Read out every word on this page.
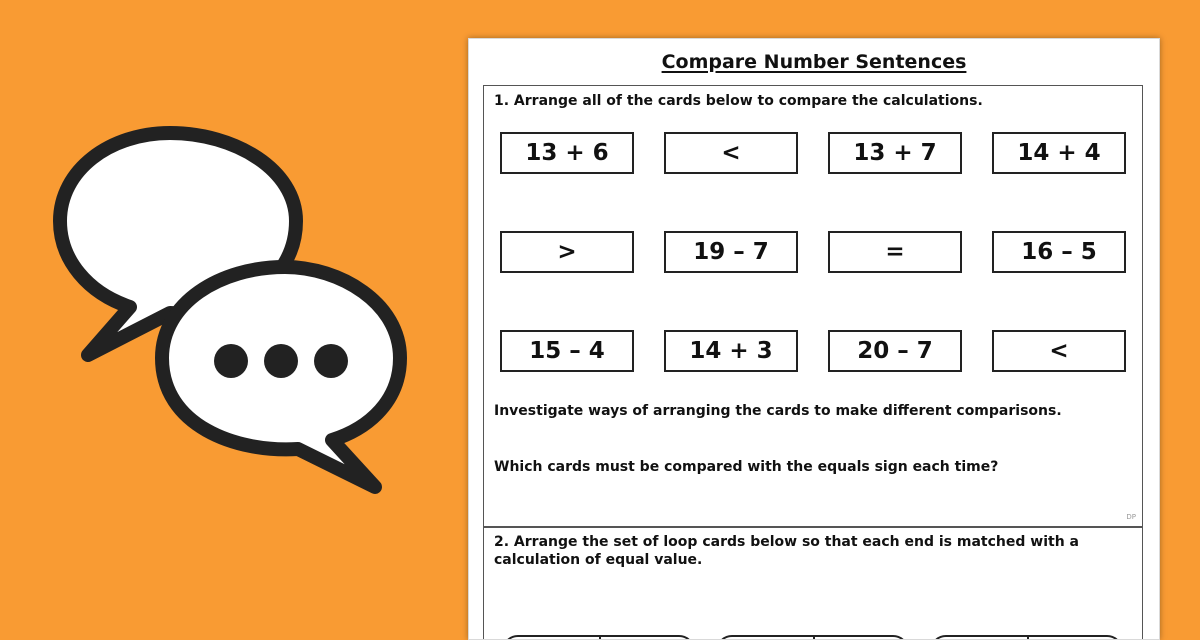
Compare Number Sentences
1. Arrange all of the cards below to compare the calculations.
13 + 6	<	13 + 7	14 + 4
>	19 – 7	=	16 – 5
15 – 4	14 + 3	20 – 7	<
Investigate ways of arranging the cards to make different comparisons.
Which cards must be compared with the equals sign each time?
DP
2. Arrange the set of loop cards below so that each end is matched with a calculation of equal value.
